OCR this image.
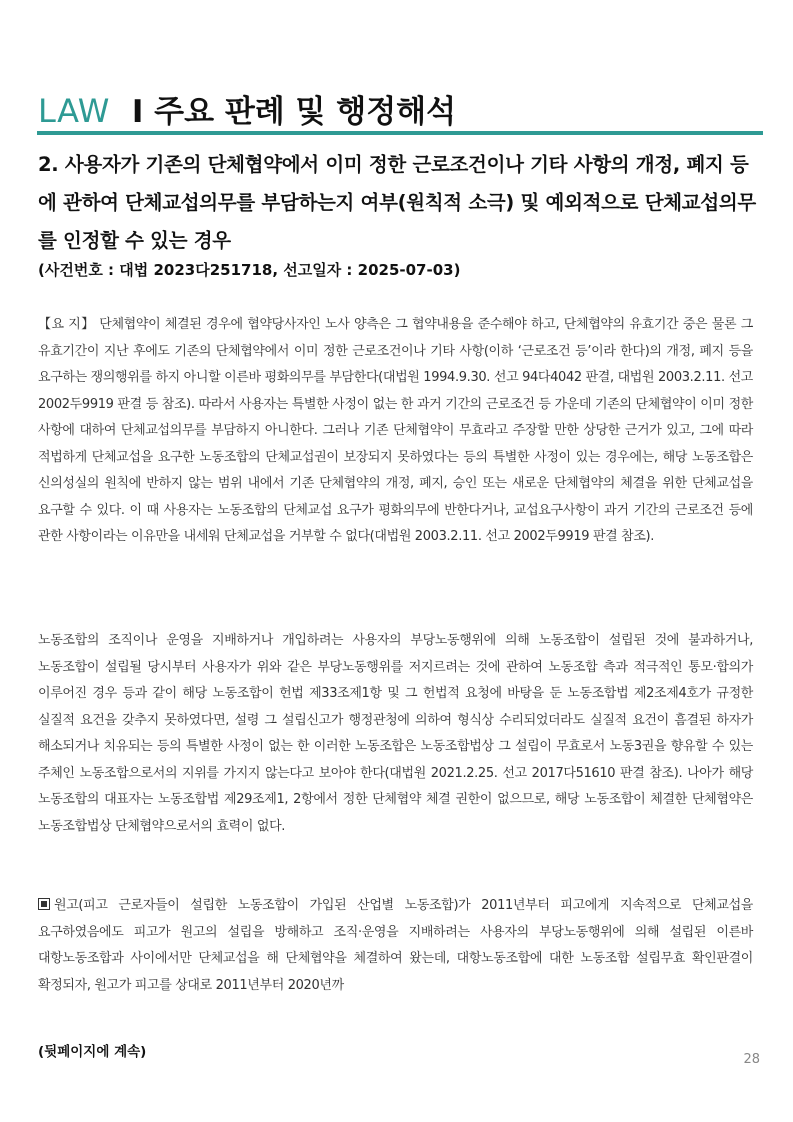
LAW I 주요 판례 및 행정해석
2. 사용자가 기존의 단체협약에서 이미 정한 근로조건이나 기타 사항의 개정, 폐지 등에 관하여 단체교섭의무를 부담하는지 여부(원칙적 소극) 및 예외적으로 단체교섭의무를 인정할 수 있는 경우
(사건번호 : 대법 2023다251718, 선고일자 : 2025-07-03)
【요 지】 단체협약이 체결된 경우에 협약당사자인 노사 양측은 그 협약내용을 준수해야 하고, 단체협약의 유효기간 중은 물론 그 유효기간이 지난 후에도 기존의 단체협약에서 이미 정한 근로조건이나 기타 사항(이하 ‘근로조건 등’이라 한다)의 개정, 폐지 등을 요구하는 쟁의행위를 하지 아니할 이른바 평화의무를 부담한다(대법원 1994.9.30. 선고 94다4042 판결, 대법원 2003.2.11. 선고 2002두9919 판결 등 참조). 따라서 사용자는 특별한 사정이 없는 한 과거 기간의 근로조건 등 가운데 기존의 단체협약이 이미 정한 사항에 대하여 단체교섭의무를 부담하지 아니한다. 그러나 기존 단체협약이 무효라고 주장할 만한 상당한 근거가 있고, 그에 따라 적법하게 단체교섭을 요구한 노동조합의 단체교섭권이 보장되지 못하였다는 등의 특별한 사정이 있는 경우에는, 해당 노동조합은 신의성실의 원칙에 반하지 않는 범위 내에서 기존 단체협약의 개정, 폐지, 승인 또는 새로운 단체협약의 체결을 위한 단체교섭을 요구할 수 있다. 이 때 사용자는 노동조합의 단체교섭 요구가 평화의무에 반한다거나, 교섭요구사항이 과거 기간의 근로조건 등에 관한 사항이라는 이유만을 내세워 단체교섭을 거부할 수 없다(대법원 2003.2.11. 선고 2002두9919 판결 참조).
노동조합의 조직이나 운영을 지배하거나 개입하려는 사용자의 부당노동행위에 의해 노동조합이 설립된 것에 불과하거나, 노동조합이 설립될 당시부터 사용자가 위와 같은 부당노동행위를 저지르려는 것에 관하여 노동조합 측과 적극적인 통모·합의가 이루어진 경우 등과 같이 해당 노동조합이 헌법 제33조제1항 및 그 헌법적 요청에 바탕을 둔 노동조합법 제2조제4호가 규정한 실질적 요건을 갖추지 못하였다면, 설령 그 설립신고가 행정관청에 의하여 형식상 수리되었더라도 실질적 요건이 흠결된 하자가 해소되거나 치유되는 등의 특별한 사정이 없는 한 이러한 노동조합은 노동조합법상 그 설립이 무효로서 노동3권을 향유할 수 있는 주체인 노동조합으로서의 지위를 가지지 않는다고 보아야 한다(대법원 2021.2.25. 선고 2017다51610 판결 참조). 나아가 해당 노동조합의 대표자는 노동조합법 제29조제1, 2항에서 정한 단체협약 체결 권한이 없으므로, 해당 노동조합이 체결한 단체협약은 노동조합법상 단체협약으로서의 효력이 없다.
원고(피고 근로자들이 설립한 노동조합이 가입된 산업별 노동조합)가 2011년부터 피고에게 지속적으로 단체교섭을 요구하였음에도 피고가 원고의 설립을 방해하고 조직·운영을 지배하려는 사용자의 부당노동행위에 의해 설립된 이른바 대항노동조합과 사이에서만 단체교섭을 해 단체협약을 체결하여 왔는데, 대항노동조합에 대한 노동조합 설립무효 확인판결이 확정되자, 원고가 피고를 상대로 2011년부터 2020년까
(뒷페이지에 계속)	28
